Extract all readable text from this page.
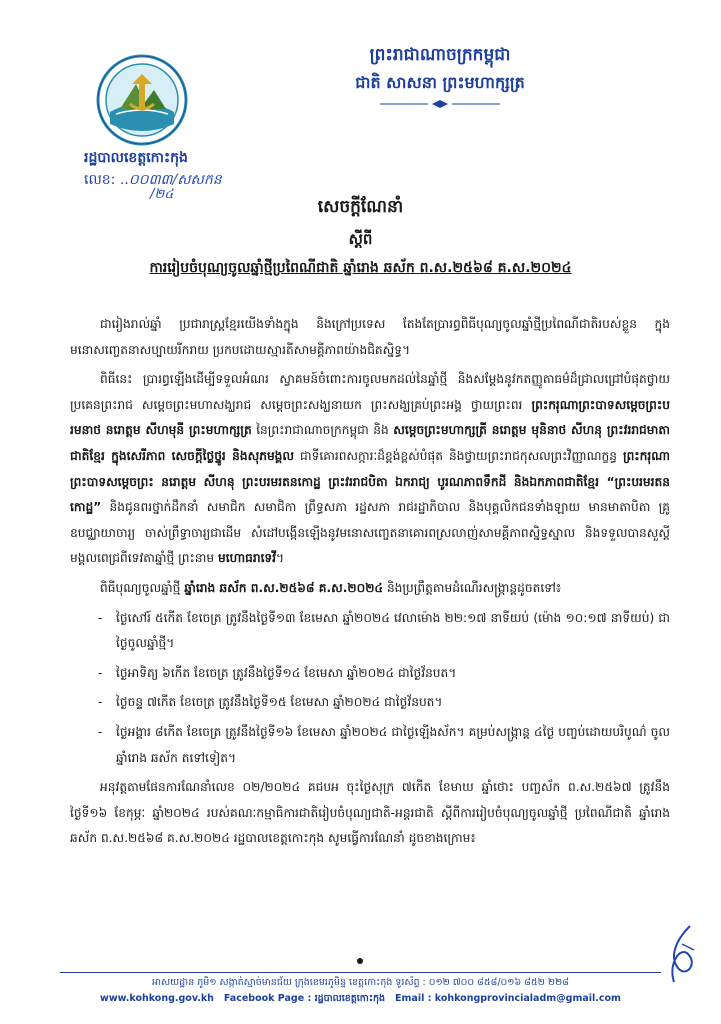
រដ្ឋបាលខេត្តកោះកុង
លេខ: ..០០៣៣/សសកន
/២៤
ព្រះរាជាណាចក្រកម្ពុជា
ជាតិ សាសនា ព្រះមហាក្សត្រ
សេចក្តីណែនាំ
ស្តីពី
ការរៀបចំបុណ្យចូលឆ្នាំថ្មីប្រពៃណីជាតិ ឆ្នាំរោង ឆស័ក ព.ស.២៥៦៨ គ.ស.២០២៤

ជារៀងរាល់ឆ្នាំ ប្រជារាស្ត្រខ្មែរយើងទាំងក្នុង និងក្រៅប្រទេស តែងតែប្រារព្ធពិធីបុណ្យចូលឆ្នាំថ្មីប្រពៃណីជាតិរបស់ខ្លួន ក្នុងមនោសញ្ចេតនាសប្បាយរីករាយ ប្រកបដោយស្មារតីសាមគ្គីភាពយ៉ាងជិតស្និទ្ធ។

ពិធីនេះ ប្រារព្ធឡើងដើម្បីទទួលអំណរ ស្វាគមន៍ចំពោះការចូលមកដល់នៃឆ្នាំថ្មី និងសម្តែងនូវកតញ្ញូតាធម៌ដ៏ជ្រាលជ្រៅបំផុតថ្វាយ ប្រគេនព្រះរាជ សម្តេចព្រះមហាសង្ឃរាជ សម្តេចព្រះសង្ឃនាយក ព្រះសង្ឃគ្រប់ព្រះអង្គ ថ្វាយព្រះពរ ព្រះករុណាព្រះបាទសម្តេចព្រះបរមនាថ នរោត្តម សីហមុនី ព្រះមហាក្សត្រ នៃព្រះរាជាណាចក្រកម្ពុជា និង សម្តេចព្រះមហាក្សត្រី នរោត្តម មុនិនាថ សីហនុ ព្រះវររាជមាតាជាតិខ្មែរ ក្នុងសេរីភាព សេចក្តីថ្លៃថ្នូរ និងសុភមង្គល ជាទីគោរពសក្ការៈដ៏ខ្ពង់ខ្ពស់បំផុត និងថ្វាយព្រះរាជកុសលព្រះវិញ្ញាណក្ខន្ធ ព្រះករុណាព្រះបាទសម្តេចព្រះ នរោត្តម សីហនុ ព្រះបរមរតនកោដ្ឋ ព្រះវររាជបិតា ឯករាជ្យ បូរណភាពទឹកដី និងឯកភាពជាតិខ្មែរ “ព្រះបរមរតនកោដ្ឋ” និងជូនពរថ្នាក់ដឹកនាំ សមាជិក សមាជិកា ព្រឹទ្ធសភា រដ្ឋសភា រាជរដ្ឋាភិបាល និងបុគ្គលិកជនទាំងឡាយ មានមាតាបិតា គ្រូឧបជ្ឈាយាចារ្យ ចាស់ព្រឹទ្ធាចារ្យជាដើម សំដៅបង្កើនឡើងនូវមនោសញ្ចេតនាគោរពស្រលាញ់សាមគ្គីភាពស្និទ្ធស្នាល និងទទួលបានសួស្តីមង្គលពេជ្រពីទេវតាឆ្នាំថ្មី ព្រះនាម មហោធរាទេវី។

ពិធីបុណ្យចូលឆ្នាំថ្មី ឆ្នាំរោង ឆស័ក ព.ស.២៥៦៨ គ.ស.២០២៤ និងប្រព្រឹត្តតាមដំណើរសង្ក្រាន្តដូចតទៅ៖

- ថ្ងៃសៅរ៍ ៥កើត ខែចេត្រ ត្រូវនឹងថ្ងៃទី១៣ ខែមេសា ឆ្នាំ២០២៤ វេលាម៉ោង ២២:១៧ នាទីយប់ (ម៉ោង ១០:១៧ នាទីយប់) ជាថ្ងៃចូលឆ្នាំថ្មី។
- ថ្ងៃអាទិត្យ ៦កើត ខែចេត្រ ត្រូវនឹងថ្ងៃទី១៤ ខែមេសា ឆ្នាំ២០២៤ ជាថ្ងៃវ័នបត។
- ថ្ងៃចន្ទ ៧កើត ខែចេត្រ ត្រូវនឹងថ្ងៃទី១៥ ខែមេសា ឆ្នាំ២០២៤ ជាថ្ងៃវ័នបត។
- ថ្ងៃអង្គារ ៨កើត ខែចេត្រ ត្រូវនឹងថ្ងៃទី១៦ ខែមេសា ឆ្នាំ២០២៤ ជាថ្ងៃឡើងស័ក។ គម្រប់សង្ក្រាន្ត ៤ថ្ងៃ បញ្ចប់ដោយបរិបូណ៌ ចូលឆ្នាំរោង ឆស័ក តទៅទៀត។

អនុវត្តតាមផែនការណែនាំលេខ ០២/២០២៤ គជបអ ចុះថ្ងៃសុក្រ ៧កើត ខែមាឃ ឆ្នាំថោះ បញ្ចស័ក ព.ស.២៥៦៧ ត្រូវនឹងថ្ងៃទី១៦ ខែកុម្ភៈ ឆ្នាំ២០២៤ របស់គណៈកម្មាធិការជាតិរៀបចំបុណ្យជាតិ-អន្តរជាតិ ស្តីពីការរៀបចំបុណ្យចូលឆ្នាំថ្មី ប្រពៃណីជាតិ ឆ្នាំរោង ឆស័ក ព.ស.២៥៦៨ គ.ស.២០២៤ រដ្ឋបាលខេត្តកោះកុង សូមធ្វើការណែនាំ ដូចខាងក្រោម៖

អាសយដ្ឋាន ភូមិ១ សង្កាត់ស្មាច់មានជ័យ ក្រុងខេមរភូមិន្ទ ខេត្តកោះកុង ទូរស័ព្ទ : ០១២ ៧០០ ៨៥៨/០១៦ ៨៥២ ២២៨
www.kohkong.gov.kh Facebook Page : រដ្ឋបាលខេត្តកោះកុង Email : kohkongprovincialadm@gmail.com
